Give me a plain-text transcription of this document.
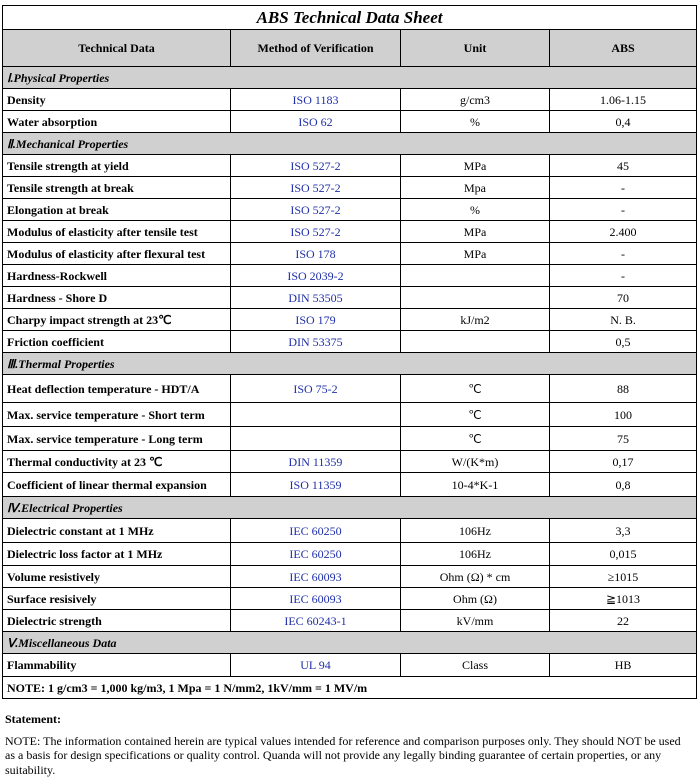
ABS Technical Data Sheet			
Technical Data	Method of Verification	Unit	ABS
Ⅰ.Physical Properties			
Density	ISO 1183	g/cm3	1.06-1.15
Water absorption	ISO 62	%	0,4
Ⅱ.Mechanical Properties			
Tensile strength at yield	ISO 527-2	MPa	45
Tensile strength at break	ISO 527-2	Mpa	-
Elongation at break	ISO 527-2	%	-
Modulus of elasticity after tensile test	ISO 527-2	MPa	2.400
Modulus of elasticity after flexural test	ISO 178	MPa	-
Hardness-Rockwell	ISO 2039-2		-
Hardness - Shore D	DIN 53505		70
Charpy impact strength at 23℃	ISO 179	kJ/m2	N. B.
Friction coefficient	DIN 53375		0,5
Ⅲ.Thermal Properties			
Heat deflection temperature - HDT/A	ISO 75-2	℃	88
Max. service temperature - Short term		℃	100
Max. service temperature - Long term		℃	75
Thermal conductivity at 23 ℃	DIN 11359	W/(K*m)	0,17
Coefficient of linear thermal expansion	ISO 11359	10-4*K-1	0,8
Ⅳ.Electrical Properties			
Dielectric constant at 1 MHz	IEC 60250	106Hz	3,3
Dielectric loss factor at 1 MHz	IEC 60250	106Hz	0,015
Volume resistively	IEC 60093	Ohm (Ω) * cm	≥1015
Surface resisively	IEC 60093	Ohm (Ω)	≧1013
Dielectric strength	IEC 60243-1	kV/mm	22
Ⅴ.Miscellaneous Data			
Flammability	UL 94	Class	HB
NOTE: 1 g/cm3 = 1,000 kg/m3, 1 Mpa = 1 N/mm2, 1kV/mm = 1 MV/m			
Statement:
NOTE: The information contained herein are typical values intended for reference and comparison purposes only. They should NOT be used as a basis for design specifications or quality control. Quanda will not provide any legally binding guarantee of certain properties, or any suitability.
